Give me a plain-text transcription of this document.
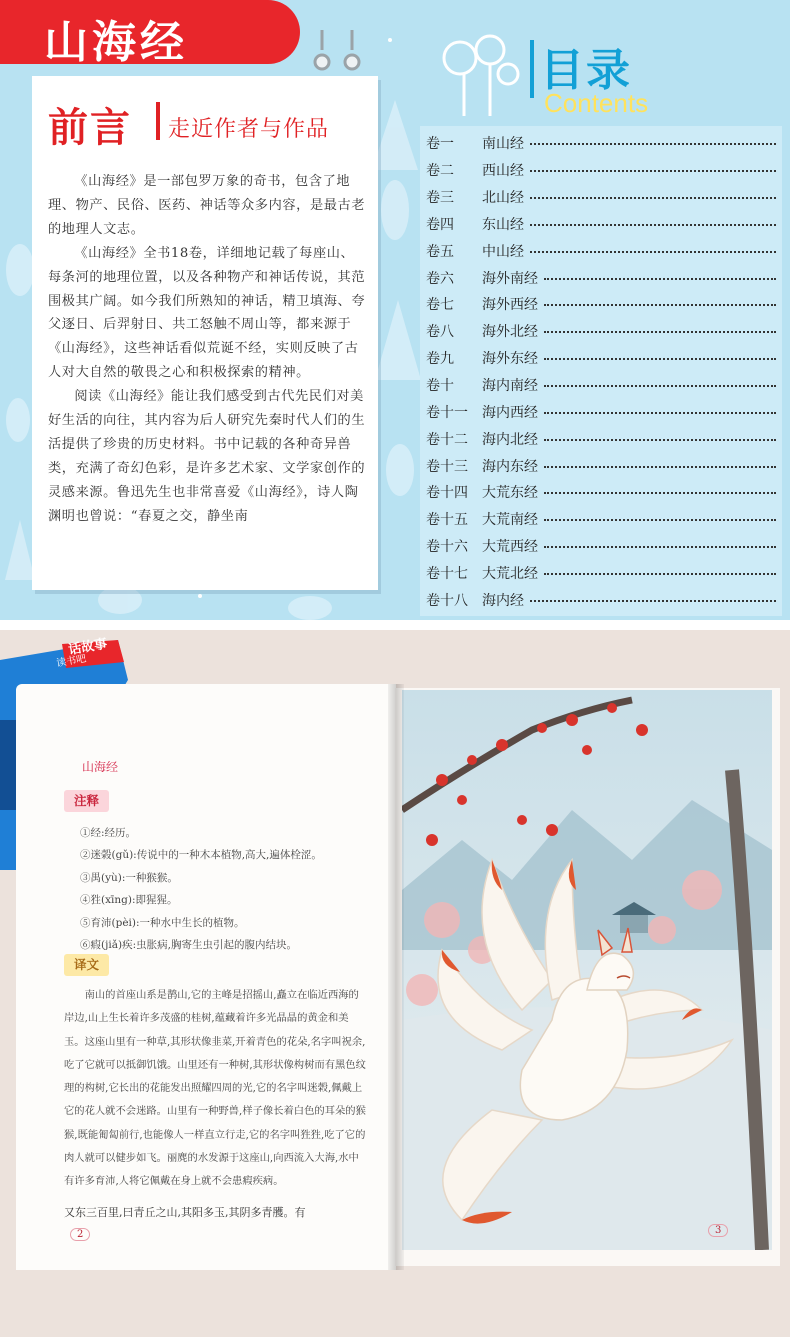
山海经
前言 走近作者与作品

《山海经》是一部包罗万象的奇书，包含了地理、物产、民俗、医药、神话等众多内容，是最古老的地理人文志。

《山海经》全书18卷，详细地记载了每座山、每条河的地理位置，以及各种物产和神话传说，其范围极其广阔。如今我们所熟知的神话，精卫填海、夸父逐日、后羿射日、共工怒触不周山等，都来源于《山海经》，这些神话看似荒诞不经，实则反映了古人对大自然的敬畏之心和积极探索的精神。

阅读《山海经》能让我们感受到古代先民们对美好生活的向往，其内容为后人研究先秦时代人们的生活提供了珍贵的历史材料。书中记载的各种奇异兽类，充满了奇幻色彩，是许多艺术家、文学家创作的灵感来源。鲁迅先生也非常喜爱《山海经》，诗人陶渊明也曾说：“春夏之交，静坐南

目录
Contents
卷一	南山经
卷二	西山经
卷三	北山经
卷四	东山经
卷五	中山经
卷六	海外南经
卷七	海外西经
卷八	海外北经
卷九	海外东经
卷十	海内南经
卷十一	海内西经
卷十二	海内北经
卷十三	海内东经
卷十四	大荒东经
卷十五	大荒南经
卷十六	大荒西经
卷十七	大荒北经
卷十八	海内经
话故事
读书吧
山海经
注释
①经:经历。
②迷榖(gǔ):传说中的一种木本植物,高大,遍体栓涩。
③禺(yù):一种猴猴。
④狌(xīng):即猩猩。
⑤育沛(pèi):一种水中生长的植物。
⑥瘕(jiǎ)疾:虫胀病,胸寄生虫引起的腹内结块。
译文

南山的首座山系是鹊山,它的主峰是招摇山,矗立在临近西海的岸边,山上生长着许多茂盛的桂树,蕴藏着许多光晶晶的黄金和美玉。这座山里有一种草,其形状像韭菜,开着青色的花朵,名字叫祝余,吃了它就可以抵御饥饿。山里还有一种树,其形状像构树而有黑色纹理的构树,它长出的花能发出照耀四周的光,它的名字叫迷榖,佩戴上它的花人就不会迷路。山里有一种野兽,样子像长着白色的耳朵的猴猴,既能匍匐前行,也能像人一样直立行走,它的名字叫狌狌,吃了它的肉人就可以健步如飞。丽麂的水发源于这座山,向西流入大海,水中有许多育沛,人将它佩戴在身上就不会患瘕疾病。

又东三百里,曰青丘之山,其阳多玉,其阴多青雘。有
2	3
